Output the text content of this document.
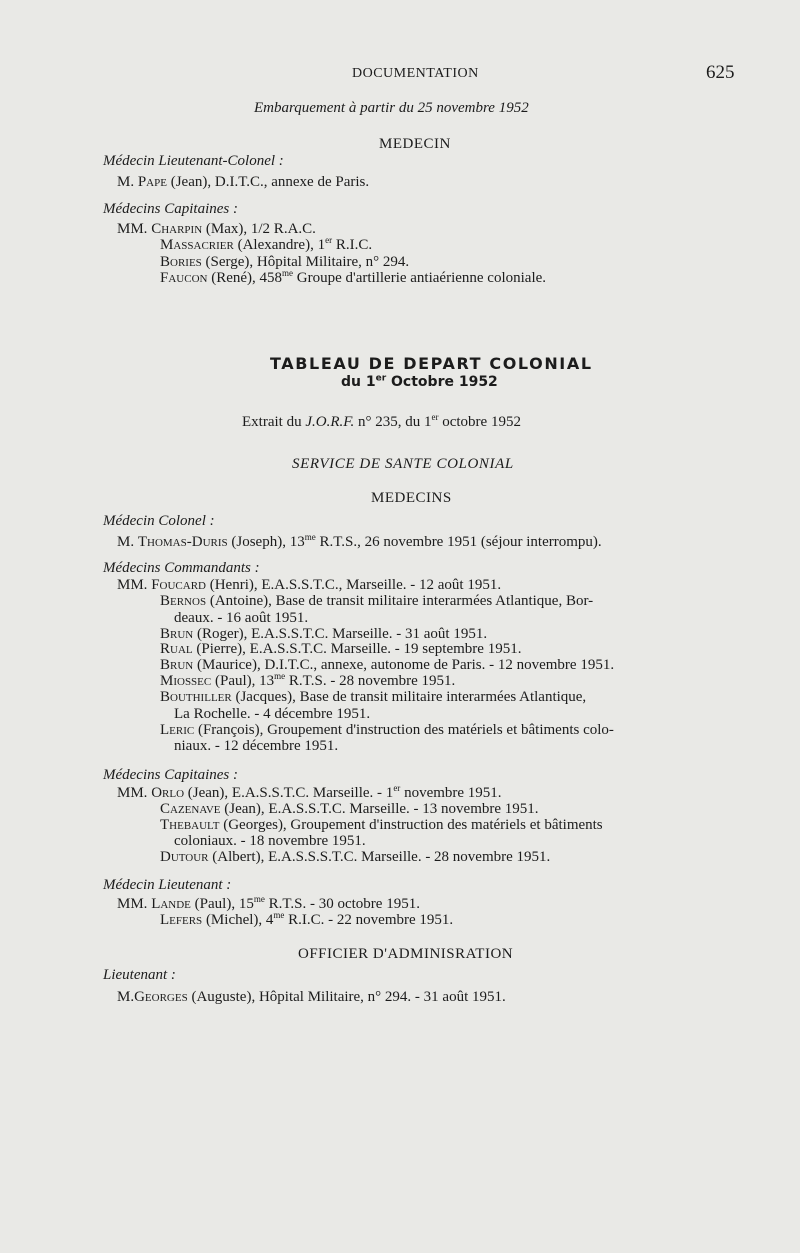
DOCUMENTATION	625
Embarquement à partir du 25 novembre 1952
MEDECIN
Médecin Lieutenant-Colonel :
M. Pape (Jean), D.I.T.C., annexe de Paris.
Médecins Capitaines :
MM. Charpin (Max), 1/2 R.A.C.
Massacrier (Alexandre), 1er R.I.C.
Bories (Serge), Hôpital Militaire, n° 294.
Faucon (René), $458^{me}$ Groupe d'artillerie antiaérienne coloniale.
TABLEAU DE DEPART COLONIAL
du 1er Octobre 1952
Extrait du J.O.R.F. n° 235, du 1er octobre 1952
SERVICE DE SANTE COLONIAL
MEDECINS
Médecin Colonel :
M. Thomas-Duris (Joseph), $13^{me}$ R.T.S., 26 novembre 1951 (séjour interrompu).
Médecins Commandants :
MM. Foucard (Henri), E.A.S.S.T.C., Marseille. - 12 août 1951.
Bernos (Antoine), Base de transit militaire interarmées Atlantique, Bor-
deaux. - 16 août 1951.
Brun (Roger), E.A.S.S.T.C. Marseille. - 31 août 1951.
Rual (Pierre), E.A.S.S.T.C. Marseille. - 19 septembre 1951.
Brun (Maurice), D.I.T.C., annexe, autonome de Paris. - 12 novembre 1951.
Miossec (Paul), $13^{me}$ R.T.S. - 28 novembre 1951.
Bouthiller (Jacques), Base de transit militaire interarmées Atlantique,
La Rochelle. - 4 décembre 1951.
Leric (François), Groupement d'instruction des matériels et bâtiments colo-
niaux. - 12 décembre 1951.
Médecins Capitaines :
MM. Orlo (Jean), E.A.S.S.T.C. Marseille. - 1er novembre 1951.
Cazenave (Jean), E.A.S.S.T.C. Marseille. - 13 novembre 1951.
Thebault (Georges), Groupement d'instruction des matériels et bâtiments
coloniaux. - 18 novembre 1951.
Dutour (Albert), E.A.S.S.S.T.C. Marseille. - 28 novembre 1951.
Médecin Lieutenant :
MM. Lande (Paul), $15^{me}$ R.T.S. - 30 octobre 1951.
Lefers (Michel), $4^{me}$ R.I.C. - 22 novembre 1951.
OFFICIER D'ADMINISRATION
Lieutenant :
M.Georges (Auguste), Hôpital Militaire, n° 294. - 31 août 1951.
